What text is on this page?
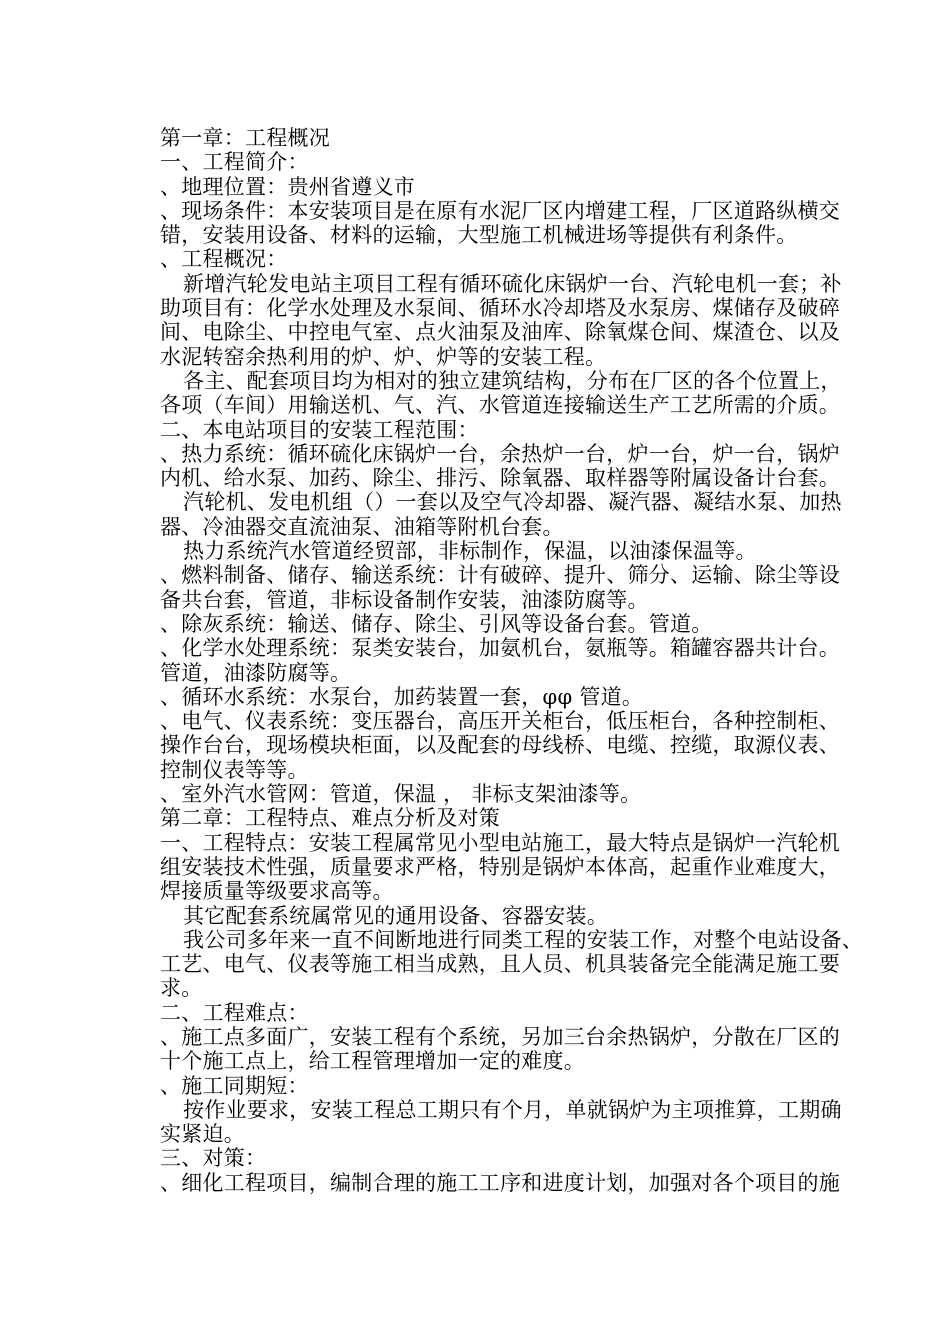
第一章：工程概况
一、工程简介：
、地理位置：贵州省遵义市
、现场条件：本安装项目是在原有水泥厂区内增建工程，厂区道路纵横交
错，安装用设备、材料的运输，大型施工机械进场等提供有利条件。
、工程概况：
新增汽轮发电站主项目工程有循环硫化床锅炉一台、汽轮电机一套；补
助项目有：化学水处理及水泵间、循环水冷却塔及水泵房、煤储存及破碎
间、电除尘、中控电气室、点火油泵及油库、除氧煤仓间、煤渣仓、以及
水泥转窑余热利用的炉、炉、炉等的安装工程。
各主、配套项目均为相对的独立建筑结构，分布在厂区的各个位置上，
各项（车间）用输送机、气、汽、水管道连接输送生产工艺所需的介质。
二、本电站项目的安装工程范围：
、热力系统：循环硫化床锅炉一台，余热炉一台，炉一台，炉一台，锅炉
内机、给水泵、加药、除尘、排污、除氧器、取样器等附属设备计台套。
汽轮机、发电机组（）一套以及空气冷却器、凝汽器、凝结水泵、加热
器、冷油器交直流油泵、油箱等附机台套。
热力系统汽水管道经贸部，非标制作，保温，以油漆保温等。
、燃料制备、储存、输送系统：计有破碎、提升、筛分、运输、除尘等设
备共台套，管道，非标设备制作安装，油漆防腐等。
、除灰系统：输送、储存、除尘、引风等设备台套。管道。
、化学水处理系统：泵类安装台，加氨机台，氨瓶等。箱罐容器共计台。
管道，油漆防腐等。
、循环水系统：水泵台，加药装置一套，φφ 管道。
、电气、仪表系统：变压器台，高压开关柜台，低压柜台，各种控制柜、
操作台台，现场模块柜面，以及配套的母线桥、电缆、控缆，取源仪表、
控制仪表等等。
、室外汽水管网：管道，保温 ， 非标支架油漆等。
第二章：工程特点、难点分析及对策
一、工程特点：安装工程属常见小型电站施工，最大特点是锅炉一汽轮机
组安装技术性强，质量要求严格，特别是锅炉本体高，起重作业难度大，
焊接质量等级要求高等。
其它配套系统属常见的通用设备、容器安装。
我公司多年来一直不间断地进行同类工程的安装工作，对整个电站设备、
工艺、电气、仪表等施工相当成熟，且人员、机具装备完全能满足施工要
求。
二、工程难点：
、施工点多面广，安装工程有个系统，另加三台余热锅炉，分散在厂区的
十个施工点上，给工程管理增加一定的难度。
、施工同期短：
按作业要求，安装工程总工期只有个月，单就锅炉为主项推算，工期确
实紧迫。
三、对策：
、细化工程项目，编制合理的施工工序和进度计划，加强对各个项目的施
